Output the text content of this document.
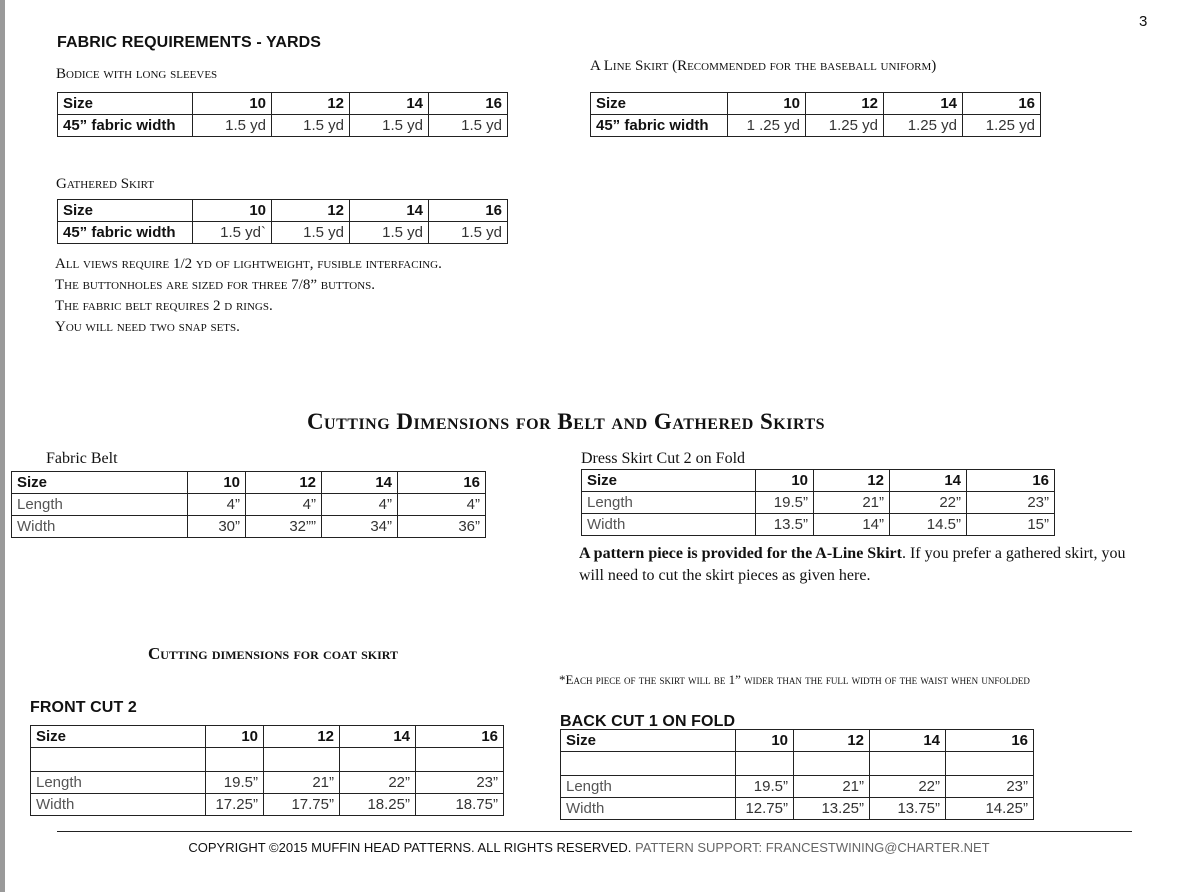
3
FABRIC REQUIREMENTS - YARDS
Bodice with long sleeves
Size	10	12	14	16
45” fabric width	1.5 yd	1.5 yd	1.5 yd	1.5 yd
A Line Skirt (Recommended for the baseball uniform)
Size	10	12	14	16
45” fabric width	1 .25 yd	1.25 yd	1.25 yd	1.25 yd
Gathered Skirt
Size	10	12	14	16
45” fabric width	1.5 yd`	1.5 yd	1.5 yd	1.5 yd
All views require 1/2 yd of lightweight, fusible interfacing.
The buttonholes are sized for three 7/8” buttons.
The fabric belt requires 2 d rings.
You will need two snap sets.
Cutting Dimensions for Belt and Gathered Skirts
Fabric Belt
Size	10	12	14	16
Length	4”	4”	4”	4”
Width	30”	32””	34”	36”
Dress Skirt Cut 2 on Fold
Size	10	12	14	16
Length	19.5”	21”	22”	23”
Width	13.5”	14”	14.5”	15”
A pattern piece is provided for the A-Line Skirt. If you prefer a gathered skirt, you will need to cut the skirt pieces as given here.
Cutting dimensions for coat skirt
*Each piece of the skirt will be 1” wider than the full width of the waist when unfolded
FRONT CUT 2
Size	10	12	14	16

Length	19.5”	21”	22”	23”
Width	17.25”	17.75”	18.25”	18.75”
BACK CUT 1 ON FOLD
Size	10	12	14	16

Length	19.5”	21”	22”	23”
Width	12.75”	13.25”	13.75”	14.25”
COPYRIGHT ©2015 MUFFIN HEAD PATTERNS. ALL RIGHTS RESERVED. PATTERN SUPPORT: FRANCESTWINING@CHARTER.NET
